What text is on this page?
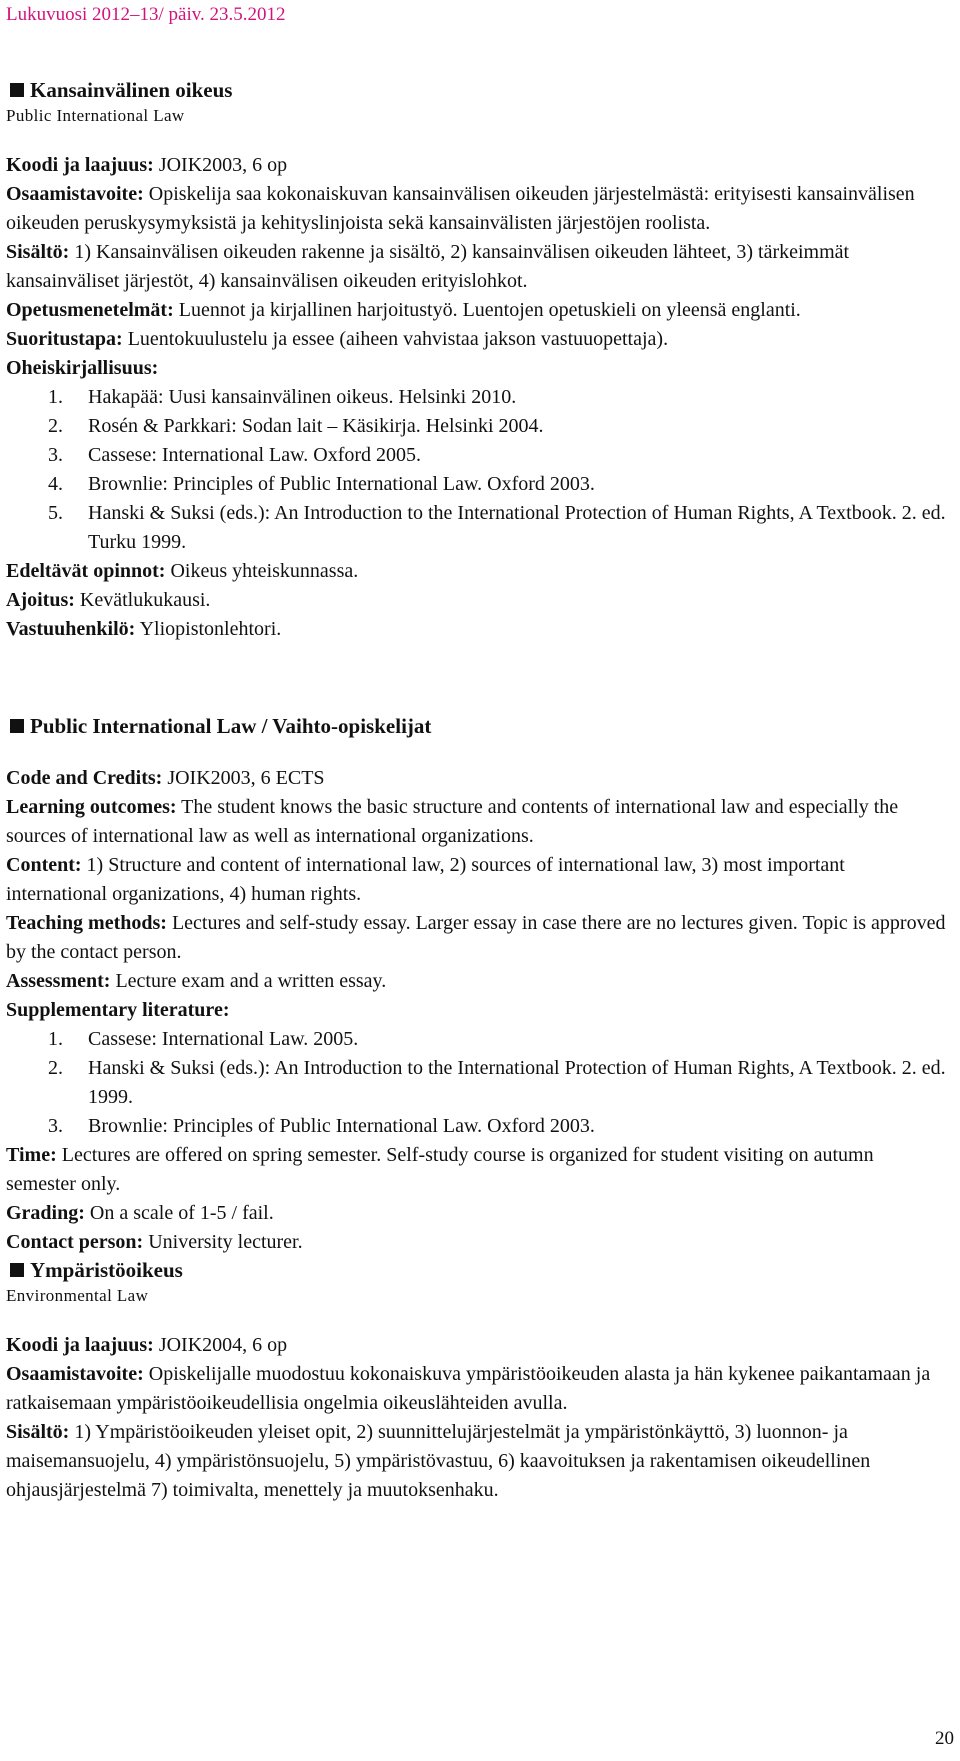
Lukuvuosi 2012–13/ päiv. 23.5.2012
Kansainvälinen oikeus
Public International Law

Koodi ja laajuus: JOIK2003, 6 op

Osaamistavoite: Opiskelija saa kokonaiskuvan kansainvälisen oikeuden järjestelmästä: erityisesti kansainvälisen oikeuden peruskysymyksistä ja kehityslinjoista sekä kansainvälisten järjestöjen roolista.

Sisältö: 1) Kansainvälisen oikeuden rakenne ja sisältö, 2) kansainvälisen oikeuden lähteet, 3) tärkeimmät kansainväliset järjestöt, 4) kansainvälisen oikeuden erityislohkot.

Opetusmenetelmät: Luennot ja kirjallinen harjoitustyö. Luentojen opetuskieli on yleensä englanti.

Suoritustapa: Luentokuulustelu ja essee (aiheen vahvistaa jakson vastuuopettaja).

Oheiskirjallisuus:

1. Hakapää: Uusi kansainvälinen oikeus. Helsinki 2010.
2. Rosén & Parkkari: Sodan lait – Käsikirja. Helsinki 2004.
3. Cassese: International Law. Oxford 2005.
4. Brownlie: Principles of Public International Law. Oxford 2003.
5. Hanski & Suksi (eds.): An Introduction to the International Protection of Human Rights, A Textbook. 2. ed. Turku 1999.

Edeltävät opinnot: Oikeus yhteiskunnassa.

Ajoitus: Kevätlukukausi.

Vastuuhenkilö: Yliopistonlehtori.

Public International Law / Vaihto-opiskelijat

Code and Credits: JOIK2003, 6 ECTS

Learning outcomes: The student knows the basic structure and contents of international law and especially the sources of international law as well as international organizations.

Content: 1) Structure and content of international law, 2) sources of international law, 3) most important international organizations, 4) human rights.

Teaching methods: Lectures and self-study essay. Larger essay in case there are no lectures given. Topic is approved by the contact person.

Assessment: Lecture exam and a written essay.

Supplementary literature:

1. Cassese: International Law. 2005.
2. Hanski & Suksi (eds.): An Introduction to the International Protection of Human Rights, A Textbook. 2. ed. 1999.
3. Brownlie: Principles of Public International Law. Oxford 2003.

Time: Lectures are offered on spring semester. Self-study course is organized for student visiting on autumn semester only.

Grading: On a scale of 1-5 / fail.

Contact person: University lecturer.

Ympäristöoikeus
Environmental Law

Koodi ja laajuus: JOIK2004, 6 op

Osaamistavoite: Opiskelijalle muodostuu kokonaiskuva ympäristöoikeuden alasta ja hän kykenee paikantamaan ja ratkaisemaan ympäristöoikeudellisia ongelmia oikeuslähteiden avulla.

Sisältö: 1) Ympäristöoikeuden yleiset opit, 2) suunnittelujärjestelmät ja ympäristönkäyttö, 3) luonnon- ja maisemansuojelu, 4) ympäristönsuojelu, 5) ympäristövastuu, 6) kaavoituksen ja rakentamisen oikeudellinen ohjausjärjestelmä 7) toimivalta, menettely ja muutoksenhaku.

20
